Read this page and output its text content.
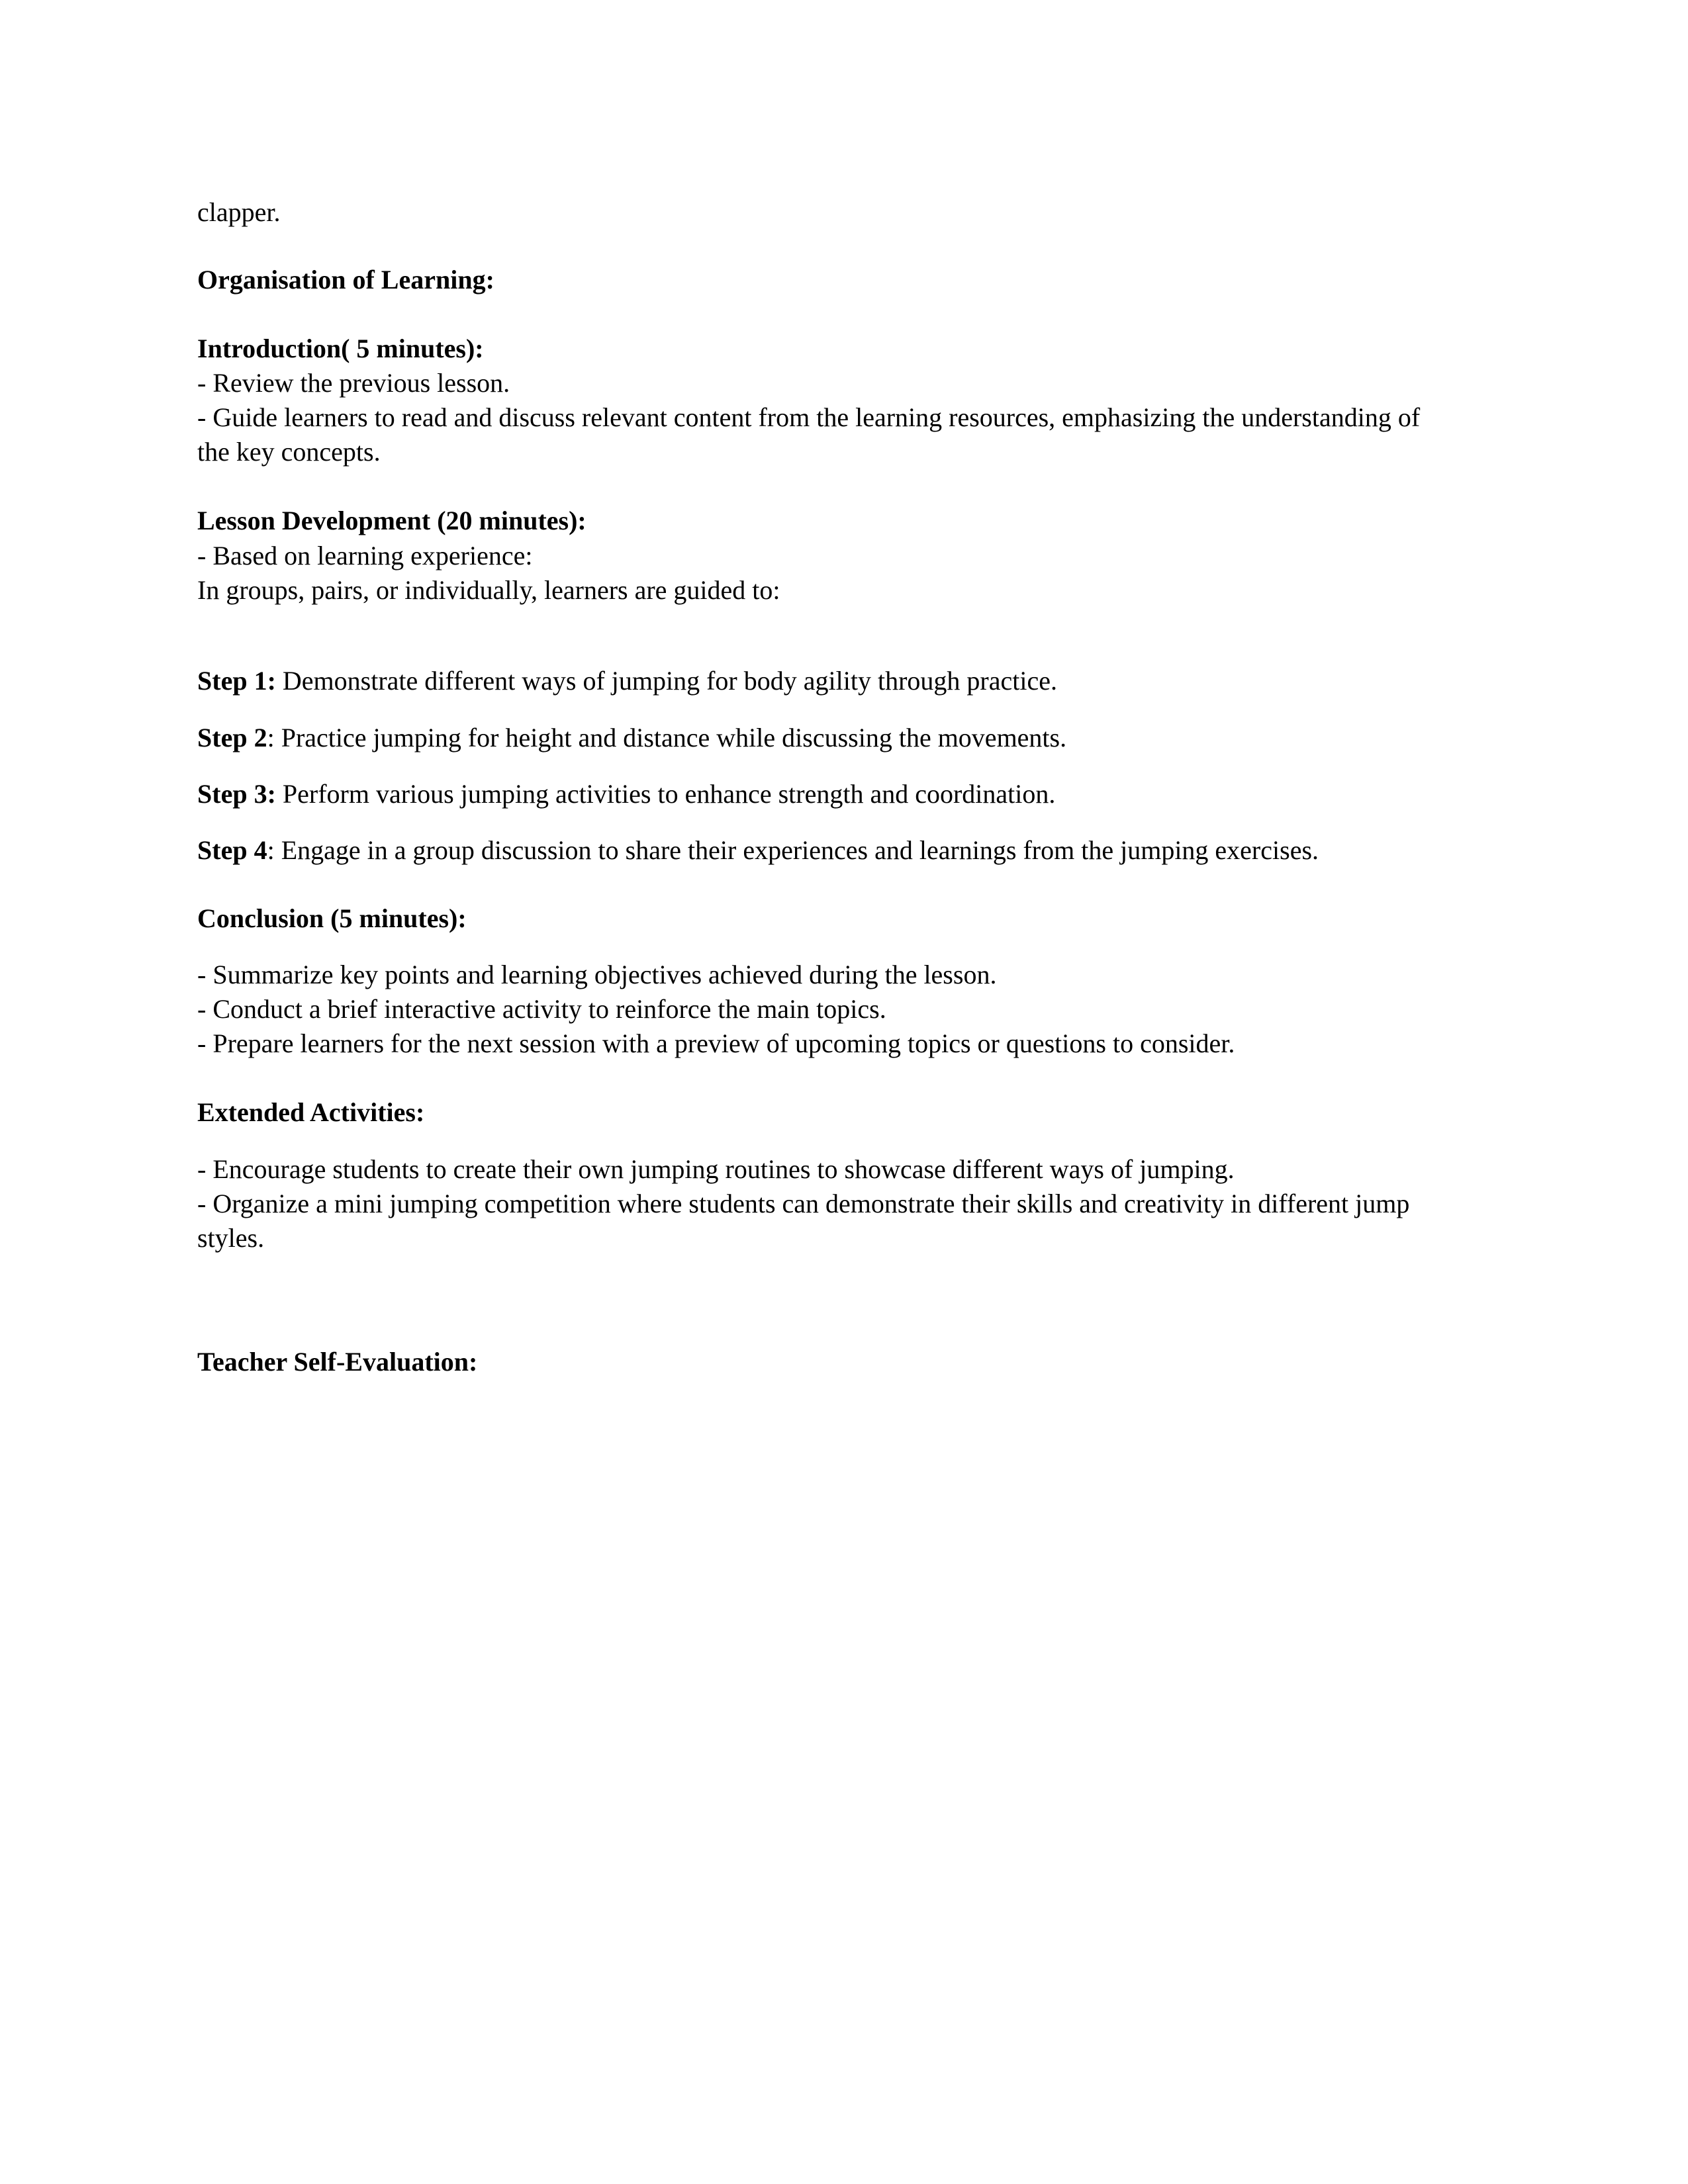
clapper.
Organisation of Learning:
Introduction( 5 minutes):
- Review the previous lesson.
- Guide learners to read and discuss relevant content from the learning resources, emphasizing the understanding of
the key concepts.
Lesson Development (20 minutes):
- Based on learning experience:
In groups, pairs, or individually, learners are guided to:
Step 1: Demonstrate different ways of jumping for body agility through practice.
Step 2: Practice jumping for height and distance while discussing the movements.
Step 3: Perform various jumping activities to enhance strength and coordination.
Step 4: Engage in a group discussion to share their experiences and learnings from the jumping exercises.
Conclusion (5 minutes):
- Summarize key points and learning objectives achieved during the lesson.
- Conduct a brief interactive activity to reinforce the main topics.
- Prepare learners for the next session with a preview of upcoming topics or questions to consider.
Extended Activities:
- Encourage students to create their own jumping routines to showcase different ways of jumping.
- Organize a mini jumping competition where students can demonstrate their skills and creativity in different jump
styles.
Teacher Self-Evaluation:
